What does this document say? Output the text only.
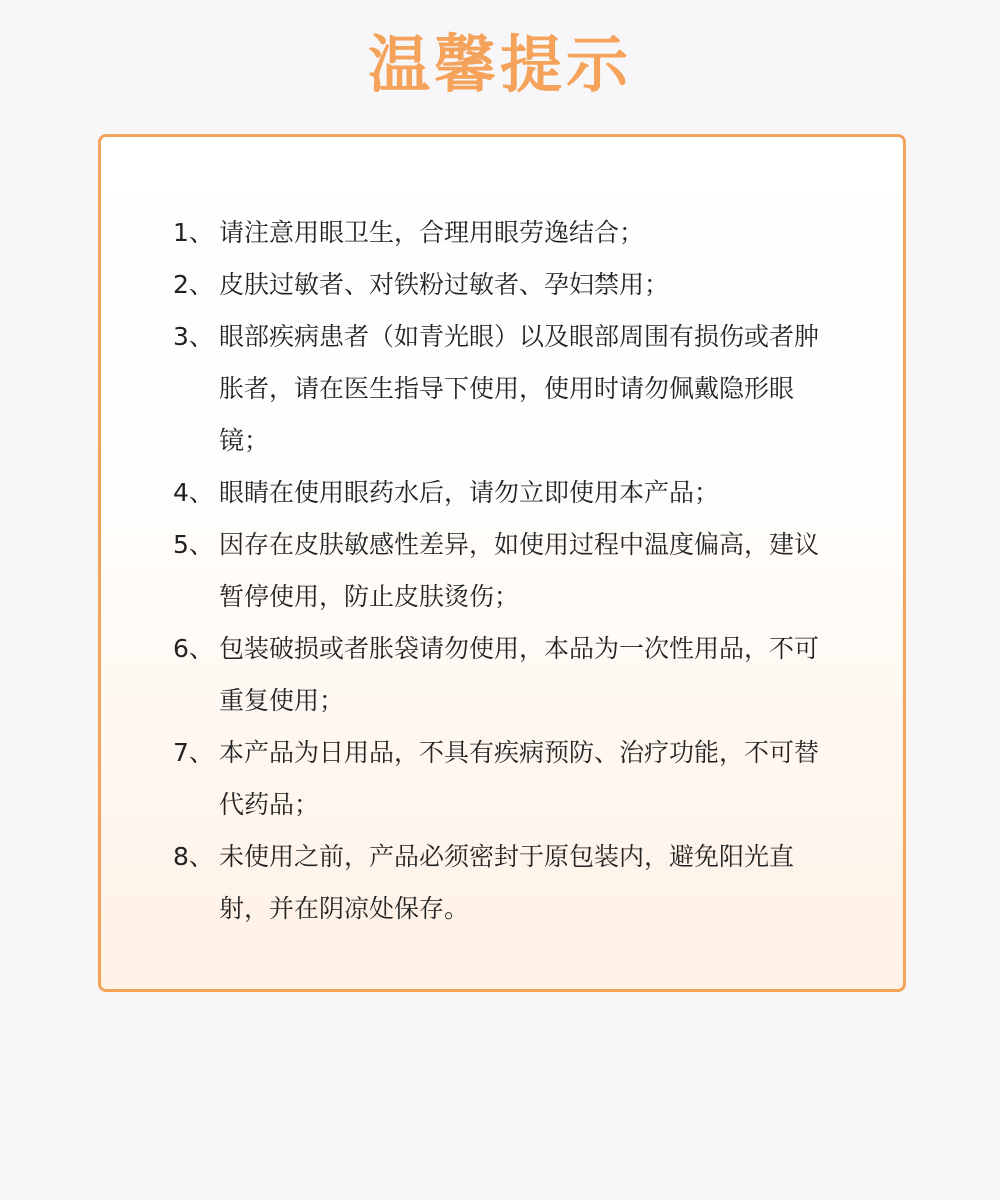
温馨提示
1、 请注意用眼卫生，合理用眼劳逸结合；
2、 皮肤过敏者、对铁粉过敏者、孕妇禁用；
3、 眼部疾病患者（如青光眼）以及眼部周围有损伤或者肿胀者，请在医生指导下使用，使用时请勿佩戴隐形眼镜；
4、 眼睛在使用眼药水后，请勿立即使用本产品；
5、 因存在皮肤敏感性差异，如使用过程中温度偏高，建议暂停使用，防止皮肤烫伤；
6、 包装破损或者胀袋请勿使用，本品为一次性用品，不可重复使用；
7、 本产品为日用品，不具有疾病预防、治疗功能，不可替代药品；
8、 未使用之前，产品必须密封于原包装内，避免阳光直射，并在阴凉处保存。
